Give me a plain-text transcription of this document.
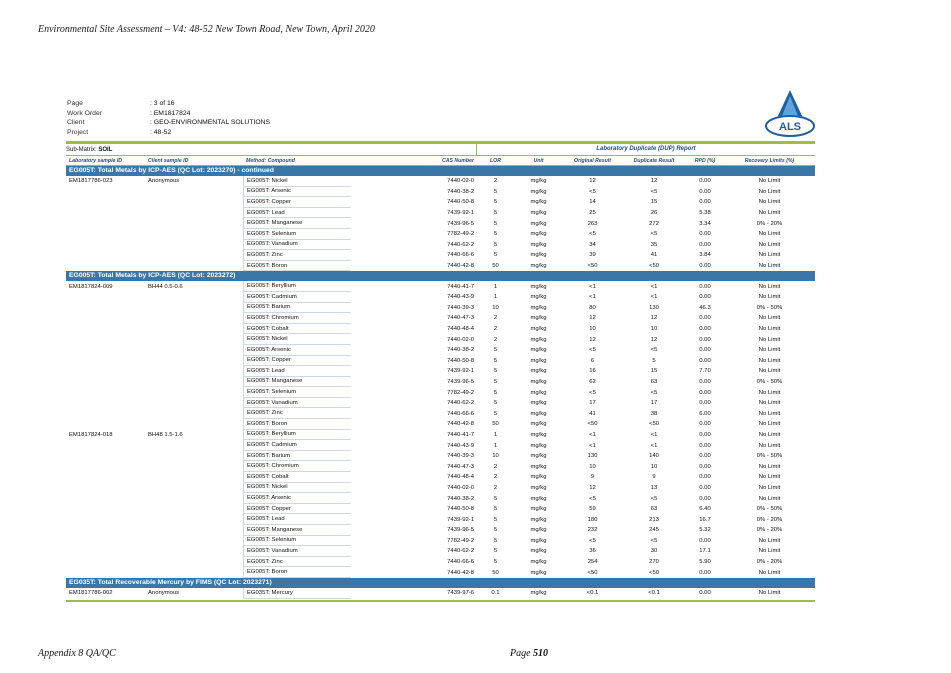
Environmental Site Assessment – V4: 48-52 New Town Road, New Town, April 2020
Page	: 3 of 16
Work Order	: EM1817824
Client	: GEO-ENVIRONMENTAL SOLUTIONS
Project	: 48-52	ALS
Sub-Matrix: SOIL	Laboratory Duplicate (DUP) Report
Laboratory sample ID	Client sample ID	Method: Compound	CAS Number	LOR	Unit	Original Result	Duplicate Result	RPD (%)	Recovery Limits (%)
EG005T: Total Metals by ICP-AES (QC Lot: 2023270) - continued
EM1817786-023	Anonymous	EG005T: Nickel	7440-02-0	2	mg/kg	12	12	0.00	No Limit
EG005T: Arsenic	7440-38-2	5	mg/kg	<5	<5	0.00	No Limit
EG005T: Copper	7440-50-8	5	mg/kg	14	15	0.00	No Limit
EG005T: Lead	7439-92-1	5	mg/kg	25	26	5.38	No Limit
EG005T: Manganese	7439-96-5	5	mg/kg	263	272	3.34	0% - 20%
EG005T: Selenium	7782-49-2	5	mg/kg	<5	<5	0.00	No Limit
EG005T: Vanadium	7440-62-2	5	mg/kg	34	35	0.00	No Limit
EG005T: Zinc	7440-66-6	5	mg/kg	39	41	3.84	No Limit
EG005T: Boron	7440-42-8	50	mg/kg	<50	<50	0.00	No Limit
EG005T: Total Metals by ICP-AES (QC Lot: 2023272)
EM1817824-009	BH44 0.5-0.6	EG005T: Beryllium	7440-41-7	1	mg/kg	<1	<1	0.00	No Limit
EG005T: Cadmium	7440-43-9	1	mg/kg	<1	<1	0.00	No Limit
EG005T: Barium	7440-39-3	10	mg/kg	80	130	46.3	0% - 50%
EG005T: Chromium	7440-47-3	2	mg/kg	12	12	0.00	No Limit
EG005T: Cobalt	7440-48-4	2	mg/kg	10	10	0.00	No Limit
EG005T: Nickel	7440-02-0	2	mg/kg	12	12	0.00	No Limit
EG005T: Arsenic	7440-38-2	5	mg/kg	<5	<5	0.00	No Limit
EG005T: Copper	7440-50-8	5	mg/kg	6	5	0.00	No Limit
EG005T: Lead	7439-92-1	5	mg/kg	16	15	7.70	No Limit
EG005T: Manganese	7439-96-5	5	mg/kg	62	63	0.00	0% - 50%
EG005T: Selenium	7782-49-2	5	mg/kg	<5	<5	0.00	No Limit
EG005T: Vanadium	7440-62-2	5	mg/kg	17	17	0.00	No Limit
EG005T: Zinc	7440-66-6	5	mg/kg	41	38	6.00	No Limit
EG005T: Boron	7440-42-8	50	mg/kg	<50	<50	0.00	No Limit
EM1817824-018	BH48 1.5-1.6	EG005T: Beryllium	7440-41-7	1	mg/kg	<1	<1	0.00	No Limit
EG005T: Cadmium	7440-43-9	1	mg/kg	<1	<1	0.00	No Limit
EG005T: Barium	7440-39-3	10	mg/kg	130	140	0.00	0% - 50%
EG005T: Chromium	7440-47-3	2	mg/kg	10	10	0.00	No Limit
EG005T: Cobalt	7440-48-4	2	mg/kg	9	9	0.00	No Limit
EG005T: Nickel	7440-02-0	2	mg/kg	12	13	0.00	No Limit
EG005T: Arsenic	7440-38-2	5	mg/kg	<5	<5	0.00	No Limit
EG005T: Copper	7440-50-8	5	mg/kg	59	63	6.40	0% - 50%
EG005T: Lead	7439-92-1	5	mg/kg	180	213	16.7	0% - 20%
EG005T: Manganese	7439-96-5	5	mg/kg	232	245	5.32	0% - 20%
EG005T: Selenium	7782-49-2	5	mg/kg	<5	<5	0.00	No Limit
EG005T: Vanadium	7440-62-2	5	mg/kg	36	30	17.1	No Limit
EG005T: Zinc	7440-66-6	5	mg/kg	254	270	5.90	0% - 20%
EG005T: Boron	7440-42-8	50	mg/kg	<50	<50	0.00	No Limit
EG035T: Total Recoverable Mercury by FIMS (QC Lot: 2023271)
EM1817786-002	Anonymous	EG035T: Mercury	7439-97-6	0.1	mg/kg	<0.1	<0.1	0.00	No Limit
Appendix 8 QA/QC	Page 510
